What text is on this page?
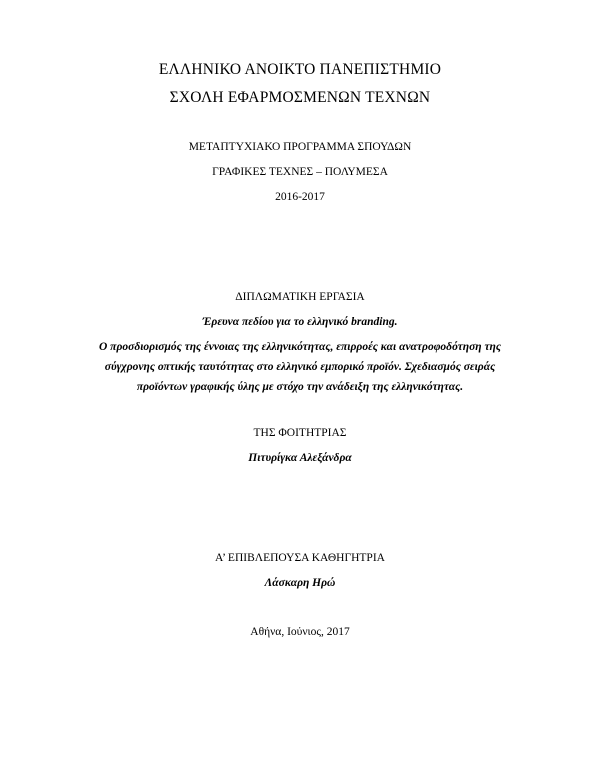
ΕΛΛΗΝΙΚΟ ΑΝΟΙΚΤΟ ΠΑΝΕΠΙΣΤΗΜΙΟ
ΣΧΟΛΗ ΕΦΑΡΜΟΣΜΕΝΩΝ ΤΕΧΝΩΝ
ΜΕΤΑΠΤΥΧΙΑΚΟ ΠΡΟΓΡΑΜΜΑ ΣΠΟΥΔΩΝ
ΓΡΑΦΙΚΕΣ ΤΕΧΝΕΣ – ΠΟΛΥΜΕΣΑ
2016-2017
ΔΙΠΛΩΜΑΤΙΚΗ ΕΡΓΑΣΙΑ
Έρευνα πεδίου για το ελληνικό branding.
Ο προσδιορισμός της έννοιας της ελληνικότητας, επιρροές και ανατροφοδότηση της
σύγχρονης οπτικής ταυτότητας στο ελληνικό εμπορικό προϊόν. Σχεδιασμός σειράς
προϊόντων γραφικής ύλης με στόχο την ανάδειξη της ελληνικότητας.
ΤΗΣ ΦΟΙΤΗΤΡΙΑΣ
Πιτυρίγκα Αλεξάνδρα
Α’ ΕΠΙΒΛΕΠΟΥΣΑ ΚΑΘΗΓΗΤΡΙΑ
Λάσκαρη Ηρώ
Αθήνα, Ιούνιος, 2017
